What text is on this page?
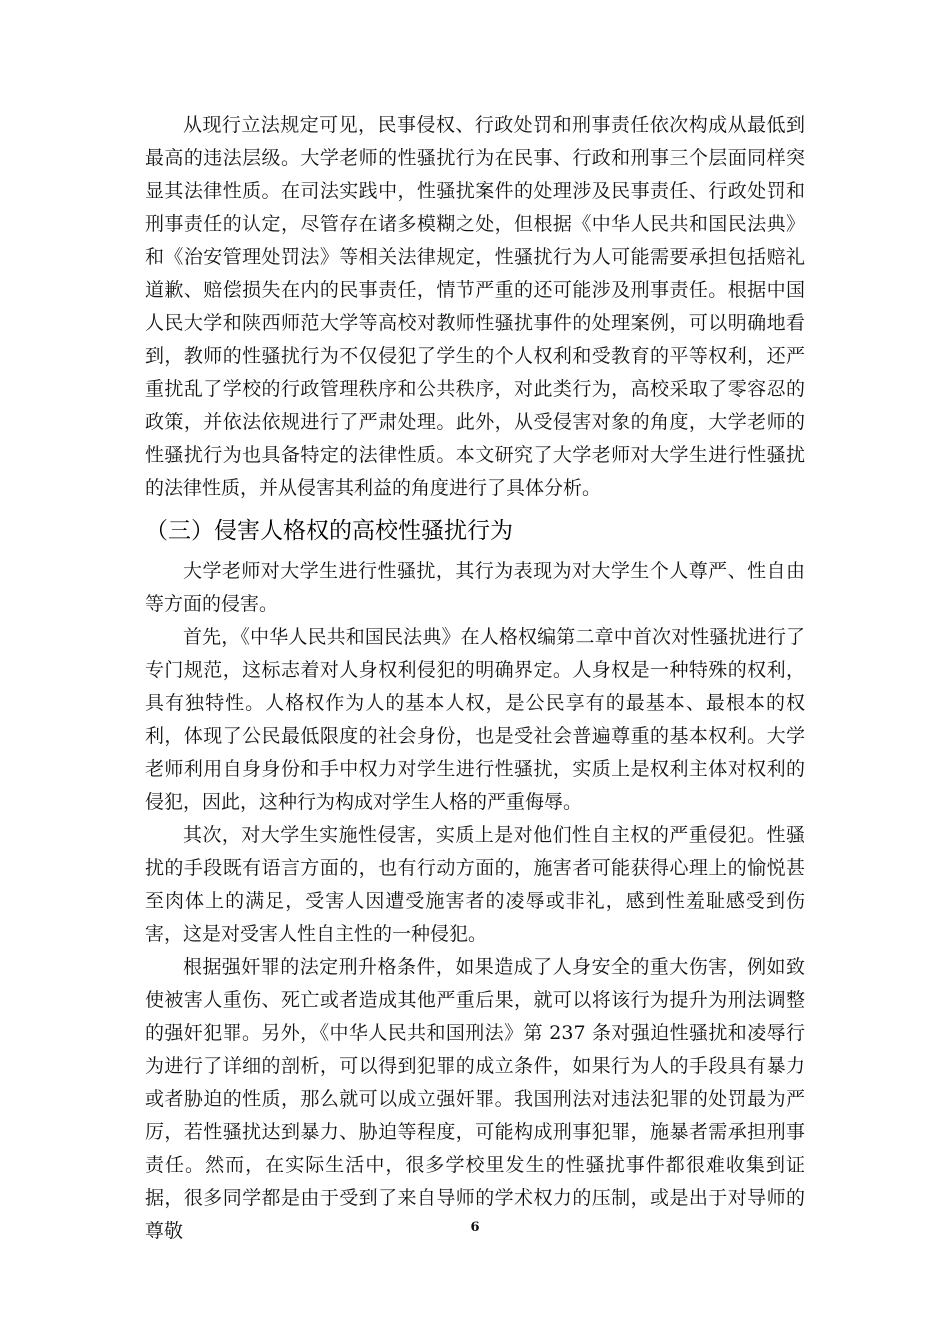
从现行立法规定可见，民事侵权、行政处罚和刑事责任依次构成从最低到最高的违法层级。大学老师的性骚扰行为在民事、行政和刑事三个层面同样突显其法律性质。在司法实践中，性骚扰案件的处理涉及民事责任、行政处罚和刑事责任的认定，尽管存在诸多模糊之处，但根据《中华人民共和国民法典》和《治安管理处罚法》等相关法律规定，性骚扰行为人可能需要承担包括赔礼道歉、赔偿损失在内的民事责任，情节严重的还可能涉及刑事责任。根据中国人民大学和陕西师范大学等高校对教师性骚扰事件的处理案例，可以明确地看到，教师的性骚扰行为不仅侵犯了学生的个人权利和受教育的平等权利，还严重扰乱了学校的行政管理秩序和公共秩序，对此类行为，高校采取了零容忍的政策，并依法依规进行了严肃处理。此外，从受侵害对象的角度，大学老师的性骚扰行为也具备特定的法律性质。本文研究了大学老师对大学生进行性骚扰的法律性质，并从侵害其利益的角度进行了具体分析。

（三）侵害人格权的高校性骚扰行为

大学老师对大学生进行性骚扰，其行为表现为对大学生个人尊严、性自由等方面的侵害。

首先，《中华人民共和国民法典》在人格权编第二章中首次对性骚扰进行了专门规范，这标志着对人身权利侵犯的明确界定。人身权是一种特殊的权利，具有独特性。人格权作为人的基本人权，是公民享有的最基本、最根本的权利，体现了公民最低限度的社会身份，也是受社会普遍尊重的基本权利。大学老师利用自身身份和手中权力对学生进行性骚扰，实质上是权利主体对权利的侵犯，因此，这种行为构成对学生人格的严重侮辱。

其次，对大学生实施性侵害，实质上是对他们性自主权的严重侵犯。性骚扰的手段既有语言方面的，也有行动方面的，施害者可能获得心理上的愉悦甚至肉体上的满足，受害人因遭受施害者的凌辱或非礼，感到性羞耻感受到伤害，这是对受害人性自主性的一种侵犯。

根据强奸罪的法定刑升格条件，如果造成了人身安全的重大伤害，例如致使被害人重伤、死亡或者造成其他严重后果，就可以将该行为提升为刑法调整的强奸犯罪。另外，《中华人民共和国刑法》第 237 条对强迫性骚扰和凌辱行为进行了详细的剖析，可以得到犯罪的成立条件，如果行为人的手段具有暴力或者胁迫的性质，那么就可以成立强奸罪。我国刑法对违法犯罪的处罚最为严厉，若性骚扰达到暴力、胁迫等程度，可能构成刑事犯罪，施暴者需承担刑事责任。然而，在实际生活中，很多学校里发生的性骚扰事件都很难收集到证据，很多同学都是由于受到了来自导师的学术权力的压制，或是出于对导师的尊敬	6
